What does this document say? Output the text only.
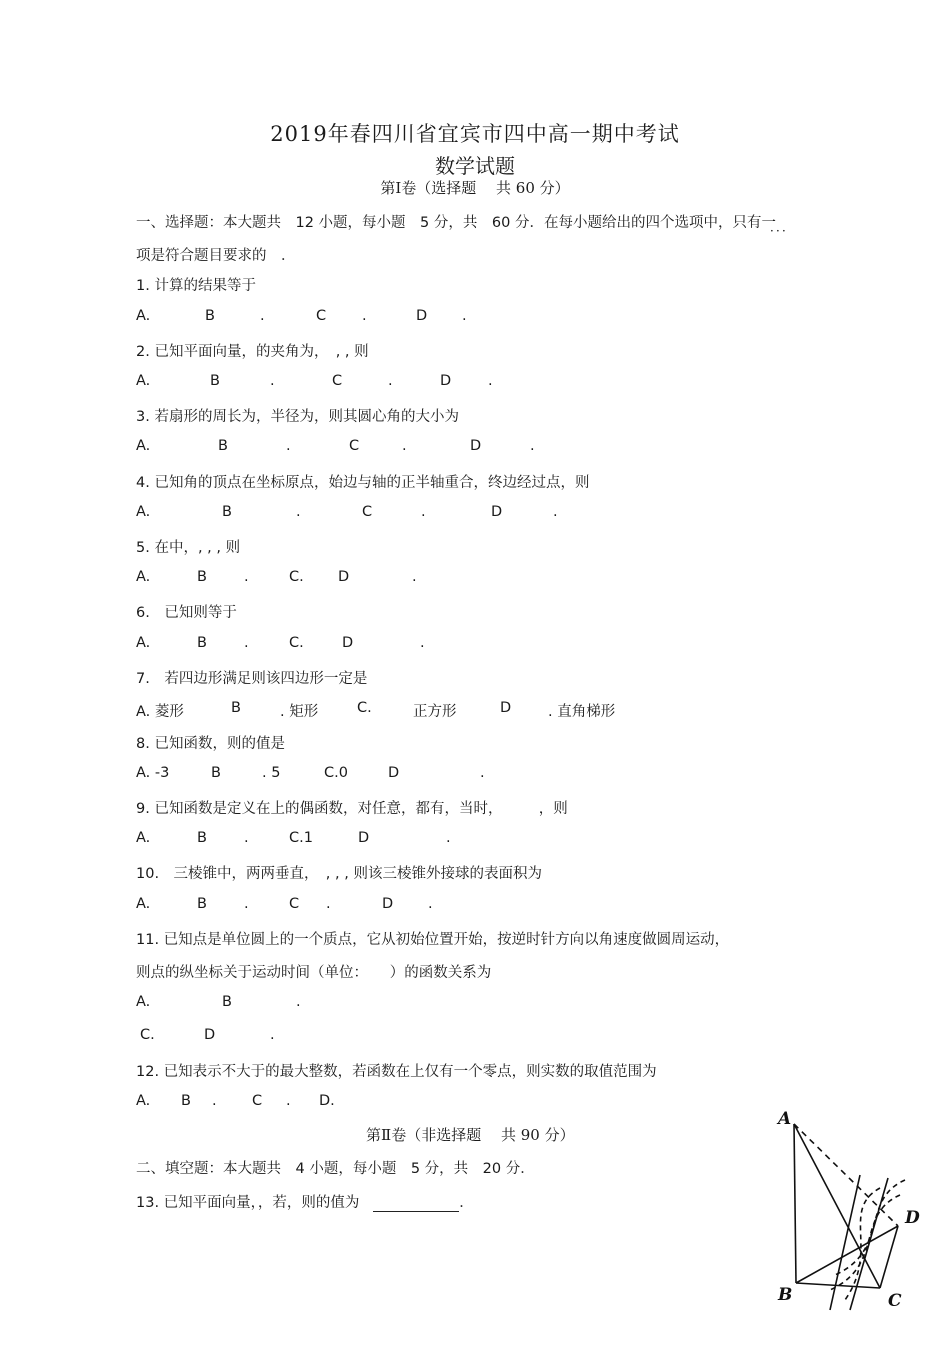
2019年春四川省宜宾市四中高一期中考试
数学试题
第Ⅰ卷（选择题　 共 60 分）
一、选择题：本大题共　12 小题，每小题　5 分，共　60 分．在每小题给出的四个选项中，只有一
．．．
项是符合题目要求的　．
1. 计算的结果等于
A.	B	.	C .	D .
2. 已知平面向量，的夹角为，　, , 则
A.	B	.	C	.	D	.
3. 若扇形的周长为，半径为，则其圆心角的大小为
A.	B	.	C	.	D	.
4. 已知角的顶点在坐标原点，始边与轴的正半轴重合，终边经过点，则
A.	B	.	C	.	D	.
5. 在中，, , , 则
A.	B	.	C. D	.
6.　已知则等于
A.	B	.	C.	D	.
7.　若四边形满足则该四边形一定是
A. 菱形	B	. 矩形	C.	正方形	D	. 直角梯形
8. 已知函数，则的值是
A. -3	B	. 5	C.0	D	.
9. 已知函数是定义在上的偶函数，对任意，都有，当时，　　　，则
A.	B	.	C.1	D	.
10.　三棱锥中，两两垂直，　, , , 则该三棱锥外接球的表面积为
A.	B	.	C .	D .
11. 已知点是单位圆上的一个质点，它从初始位置开始，按逆时针方向以角速度做圆周运动，
则点的纵坐标关于运动时间（单位：　　）的函数关系为
A.	B	.
C.	D	.
12. 已知表示不大于的最大整数，若函数在上仅有一个零点，则实数的取值范围为
A. B . C . D.
第Ⅱ卷（非选择题　 共 90 分）
二、填空题：本大题共　4 小题，每小题　5 分，共　20 分．
13. 已知平面向量，，若，则的值为	．
A
B	C
D
